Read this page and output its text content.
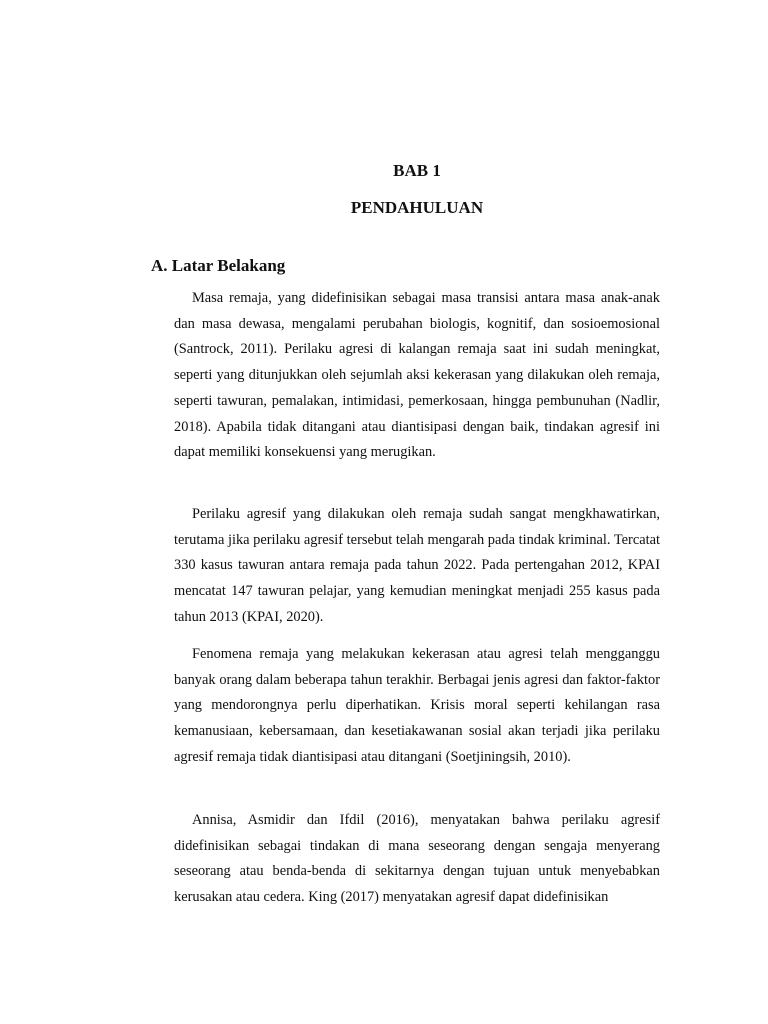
BAB 1
PENDAHULUAN
A. Latar Belakang

Masa remaja, yang didefinisikan sebagai masa transisi antara masa anak-anak dan masa dewasa, mengalami perubahan biologis, kognitif, dan sosioemosional (Santrock, 2011). Perilaku agresi di kalangan remaja saat ini sudah meningkat, seperti yang ditunjukkan oleh sejumlah aksi kekerasan yang dilakukan oleh remaja, seperti tawuran, pemalakan, intimidasi, pemerkosaan, hingga pembunuhan (Nadlir, 2018). Apabila tidak ditangani atau diantisipasi dengan baik, tindakan agresif ini dapat memiliki konsekuensi yang merugikan.

Perilaku agresif yang dilakukan oleh remaja sudah sangat mengkhawatirkan, terutama jika perilaku agresif tersebut telah mengarah pada tindak kriminal. Tercatat 330 kasus tawuran antara remaja pada tahun 2022. Pada pertengahan 2012, KPAI mencatat 147 tawuran pelajar, yang kemudian meningkat menjadi 255 kasus pada tahun 2013 (KPAI, 2020).

Fenomena remaja yang melakukan kekerasan atau agresi telah mengganggu banyak orang dalam beberapa tahun terakhir. Berbagai jenis agresi dan faktor-faktor yang mendorongnya perlu diperhatikan. Krisis moral seperti kehilangan rasa kemanusiaan, kebersamaan, dan kesetiakawanan sosial akan terjadi jika perilaku agresif remaja tidak diantisipasi atau ditangani (Soetjiningsih, 2010).

Annisa, Asmidir dan Ifdil (2016), menyatakan bahwa perilaku agresif didefinisikan sebagai tindakan di mana seseorang dengan sengaja menyerang seseorang atau benda-benda di sekitarnya dengan tujuan untuk menyebabkan kerusakan atau cedera. King (2017) menyatakan agresif dapat didefinisikan
